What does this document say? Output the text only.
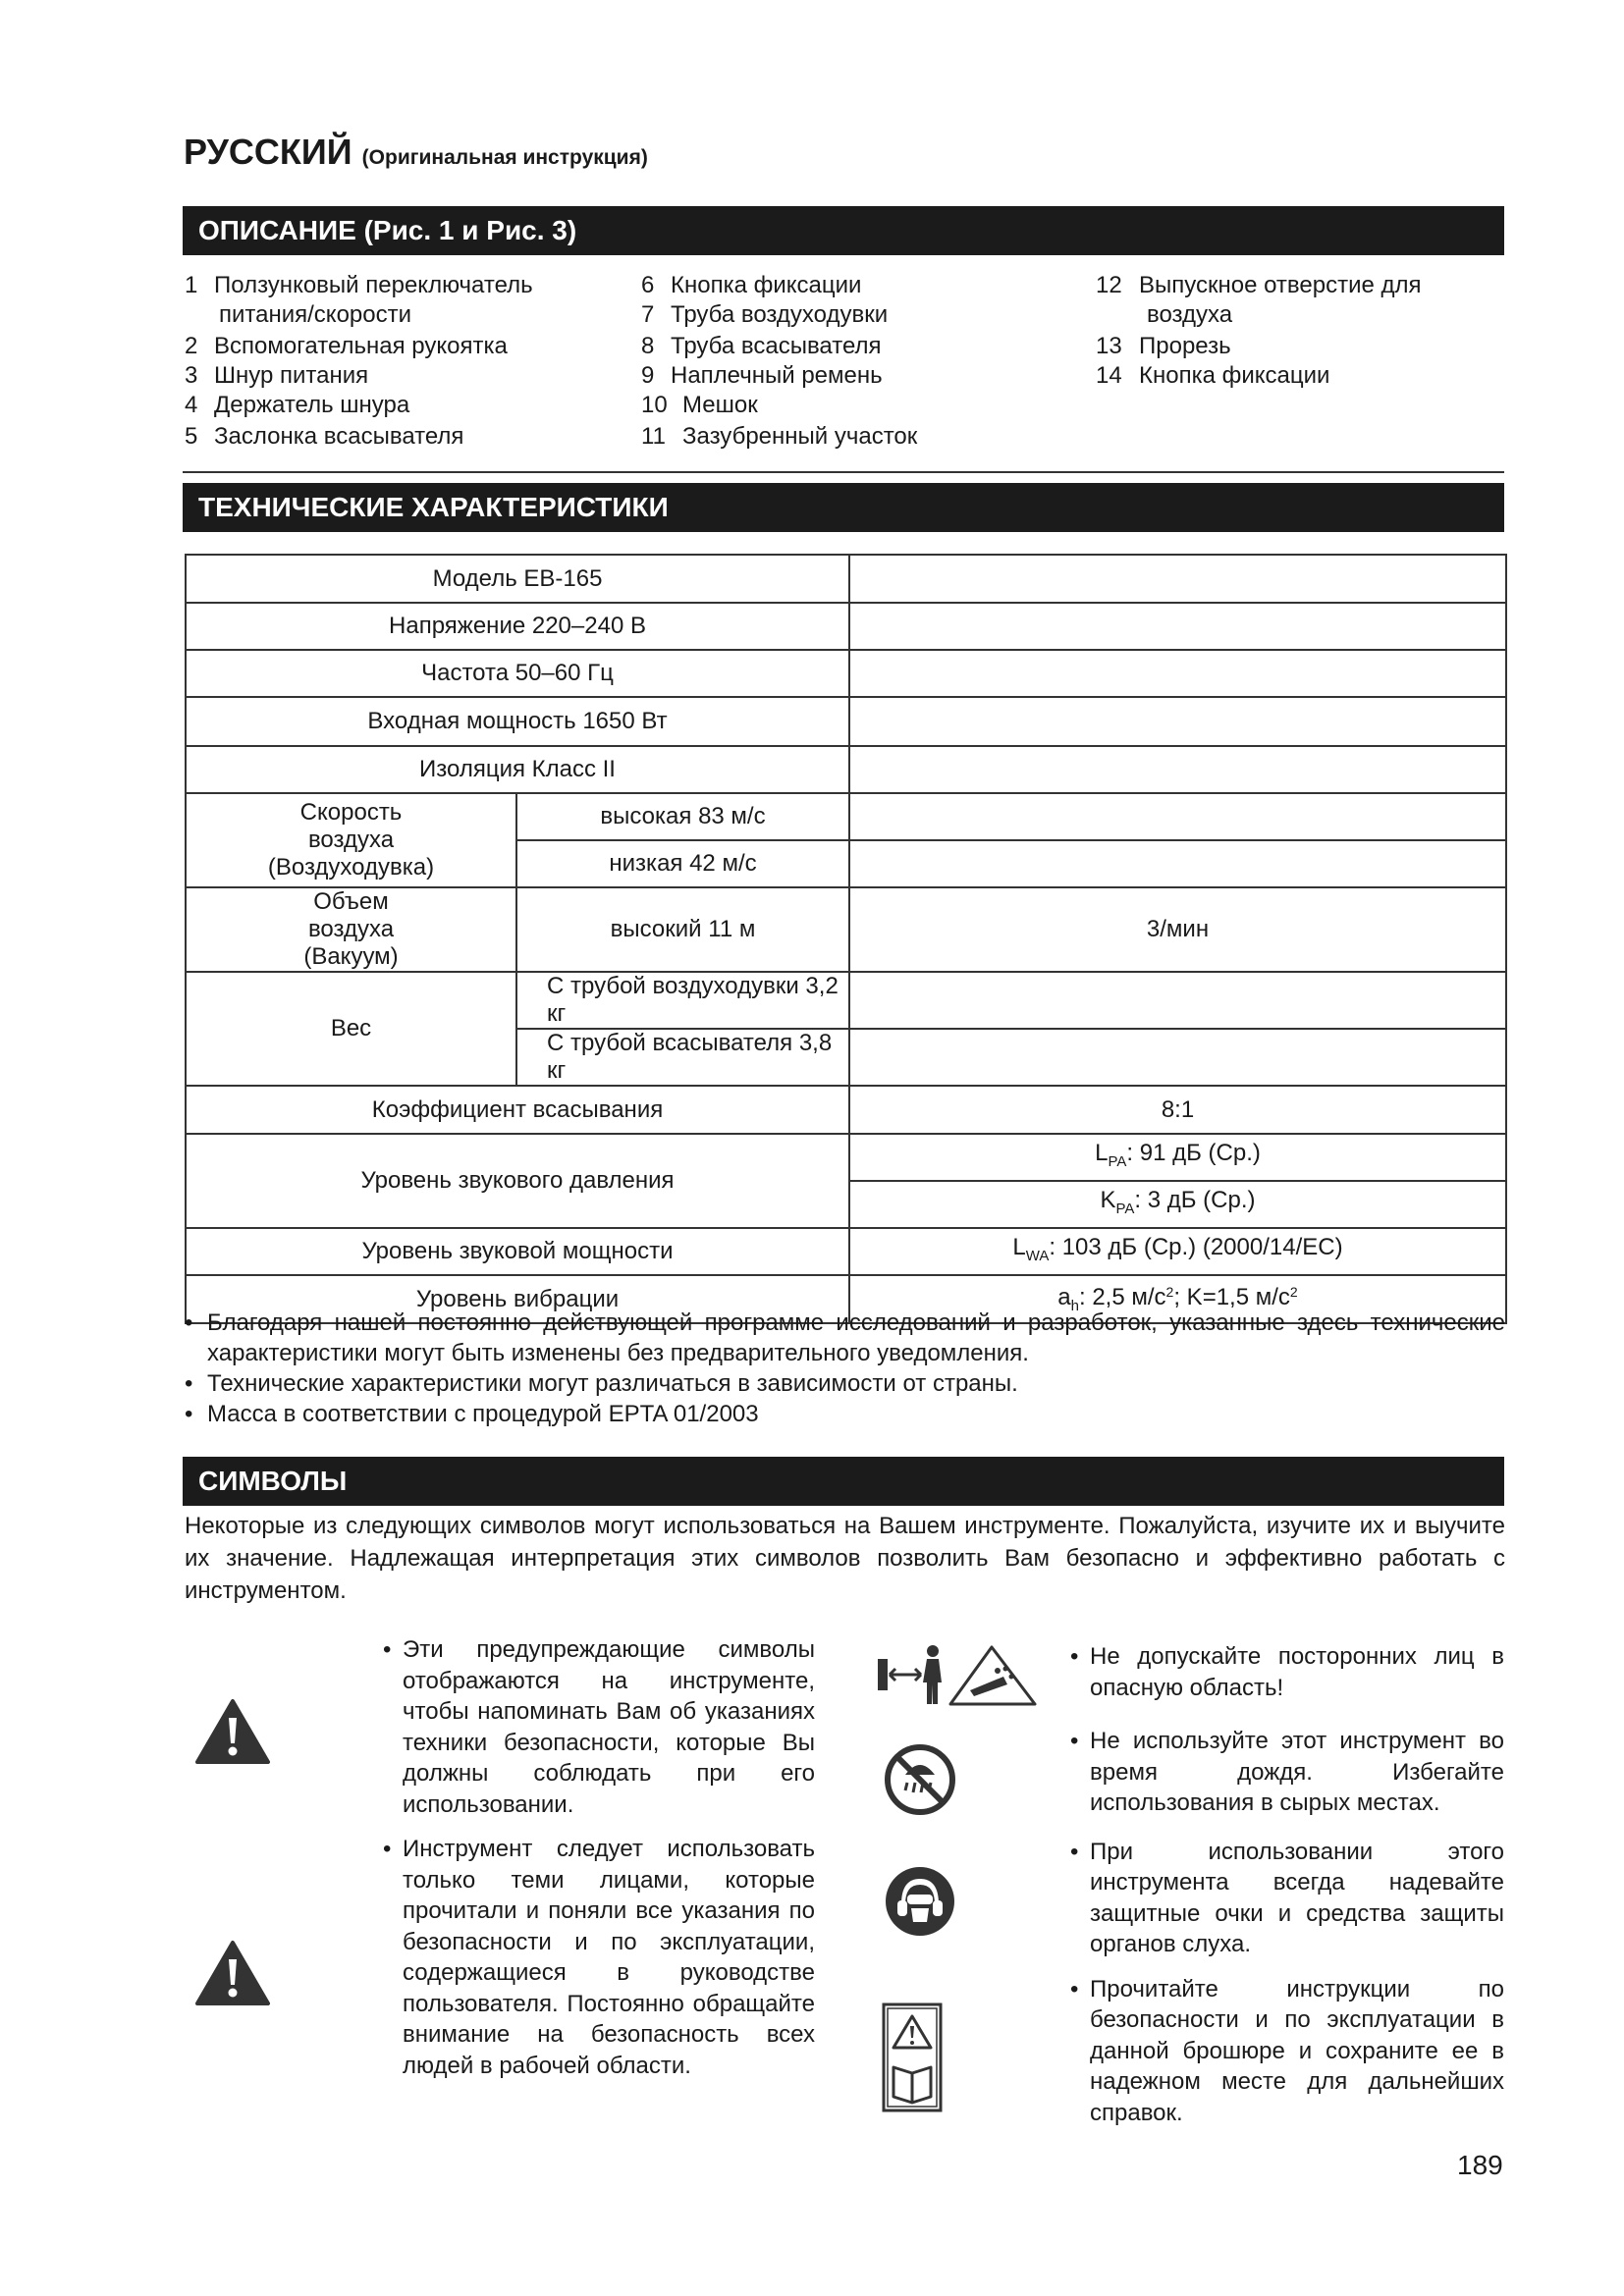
РУССКИЙ (Оригинальная инструкция)
ОПИСАНИЕ (Рис. 1 и Рис. 3)
1 Ползунковый переключатель
питания/скорости
2 Вспомогательная рукоятка
3 Шнур питания
4 Держатель шнура
5 Заслонка всасывателя
6 Кнопка фиксации
7 Труба воздуходувки
8 Труба всасывателя
9 Наплечный ремень
10 Мешок
11 Зазубренный участок
12 Выпускное отверстие для
воздуха
13 Прорезь
14 Кнопка фиксации
ТЕХНИЧЕСКИЕ ХАРАКТЕРИСТИКИ
Модель EB-165		
Напряжение 220–240 В		
Частота 50–60 Гц		
Входная мощность 1650 Вт		
Изоляция Класс II		

Скорость воздуха (Воздуходувка)	высокая 83 м/с	
	низкая 42 м/с	

Объем воздуха (Вакуум)	высокий 11 м	3/мин
Вес	С трубой воздуходувки 3,2 кг	
	С трубой всасывателя 3,8 кг	
Коэффициент всасывания		8:1
Уровень звукового давления		$L_{PA}$: 91 дБ (Ср.)
		$K_{PA}$: 3 дБ (Ср.)
Уровень звуковой мощности		$L_{WA}$: 103 дБ (Ср.) (2000/14/EC)
Уровень вибрации		$a_h$: 2,5 $м/с^2$; K=1,5 $м/с^2$
• Благодаря нашей постоянно действующей программе исследований и разработок, указанные здесь технические характеристики могут быть изменены без предварительного уведомления.
• Технические характеристики могут различаться в зависимости от страны.
• Масса в соответствии с процедурой EPTA 01/2003
СИМВОЛЫ
Некоторые из следующих символов могут использоваться на Вашем инструменте. Пожалуйста, изучите их и выучите их значение. Надлежащая интерпретация этих символов позволить Вам безопасно и эффективно работать с инструментом.
• Эти предупреждающие символы отображаются на инструменте, чтобы напоминать Вам об указаниях техники безопасности, которые Вы должны соблюдать при его использовании.
• Инструмент следует использовать только теми лицами, которые прочитали и поняли все указания по безопасности и по эксплуатации, содержащиеся в руководстве пользователя. Постоянно обращайте внимание на безопасность всех людей в рабочей области.
• Не допускайте посторонних лиц в опасную область!
• Не используйте этот инструмент во время дождя. Избегайте использования в сырых местах.
• При использовании этого инструмента всегда надевайте защитные очки и средства защиты органов слуха.
• Прочитайте инструкции по безопасности и по эксплуатации в данной брошюре и сохраните ее в надежном месте для дальнейших справок.
189
